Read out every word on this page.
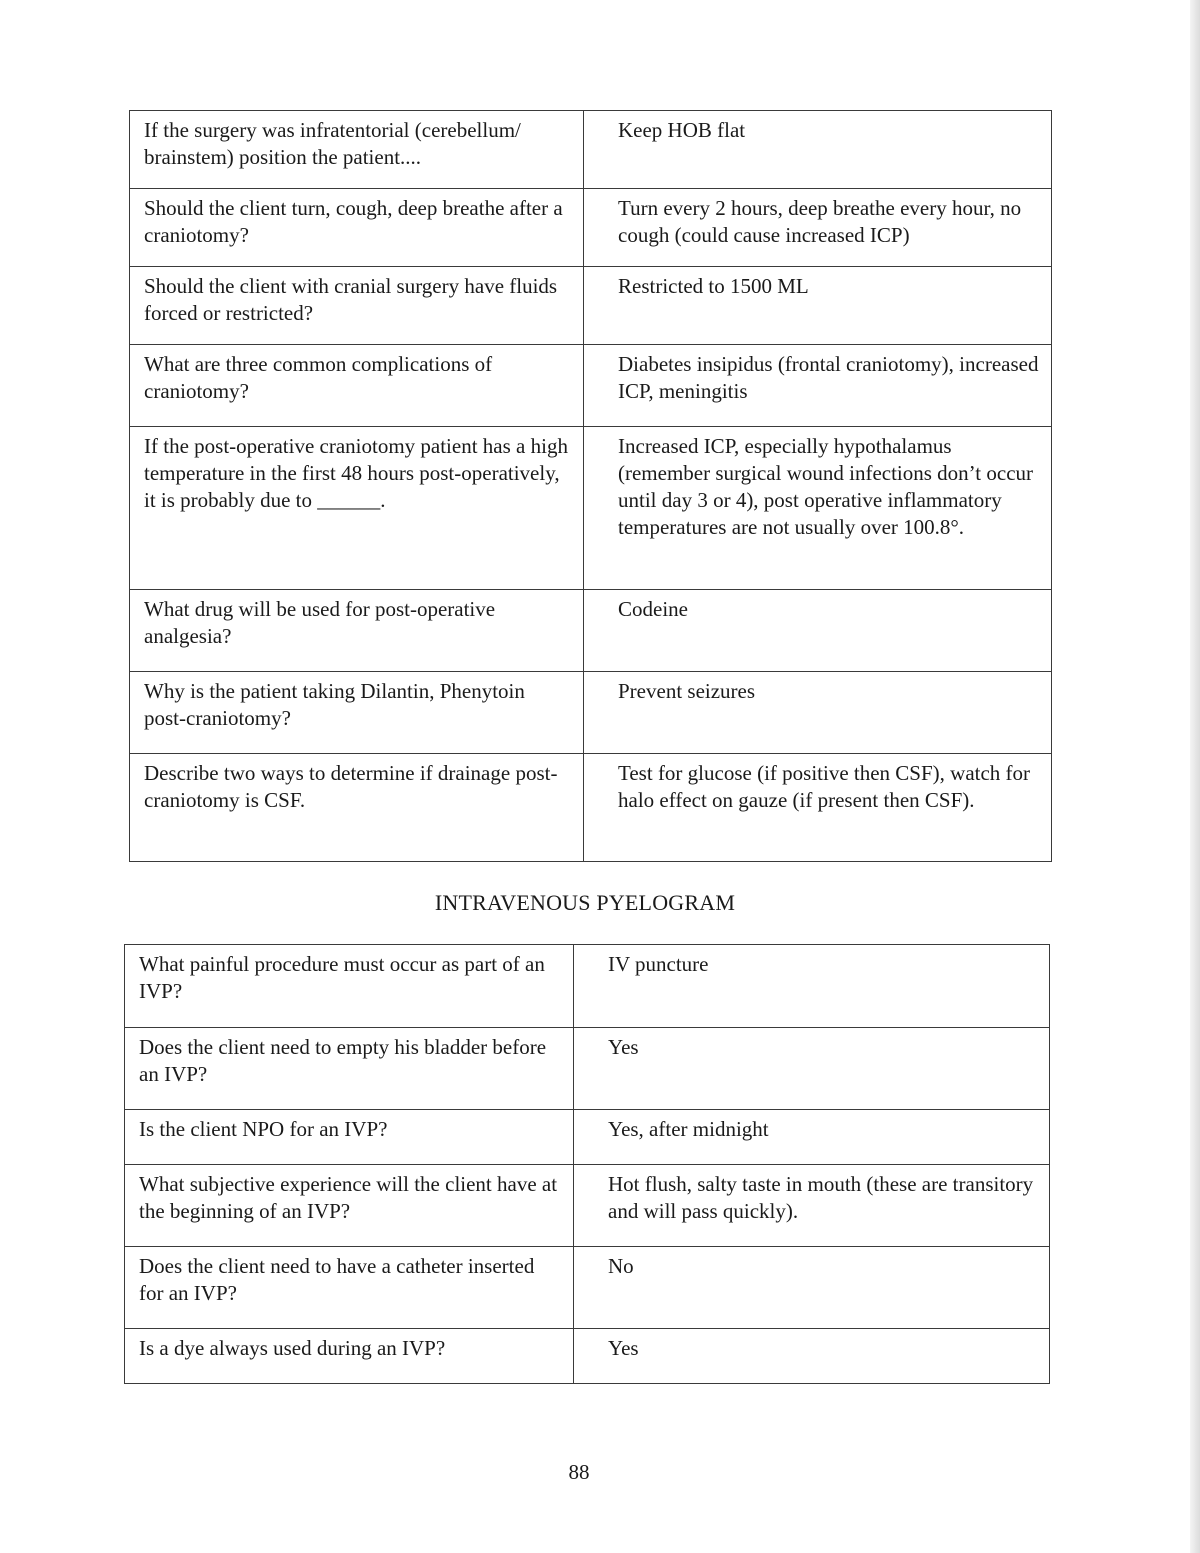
If the surgery was infratentorial (cerebellum/ brainstem) position the patient....	Keep HOB flat
Should the client turn, cough, deep breathe after a craniotomy?	Turn every 2 hours, deep breathe every hour, no cough (could cause increased ICP)
Should the client with cranial surgery have fluids forced or restricted?	Restricted to 1500 ML
What are three common complications of craniotomy?	Diabetes insipidus (frontal craniotomy), increased ICP, meningitis
If the post-operative craniotomy patient has a high temperature in the first 48 hours post-operatively, it is probably due to ______.	Increased ICP, especially hypothalamus (remember surgical wound infections don’t occur until day 3 or 4), post operative inflammatory temperatures are not usually over 100.8°.
What drug will be used for post-operative analgesia?	Codeine
Why is the patient taking Dilantin, Phenytoin post-craniotomy?	Prevent seizures
Describe two ways to determine if drainage post-craniotomy is CSF.	Test for glucose (if positive then CSF), watch for halo effect on gauze (if present then CSF).
INTRAVENOUS PYELOGRAM
What painful procedure must occur as part of an IVP?	IV puncture
Does the client need to empty his bladder before an IVP?	Yes
Is the client NPO for an IVP?	Yes, after midnight
What subjective experience will the client have at the beginning of an IVP?	Hot flush, salty taste in mouth (these are transitory and will pass quickly).
Does the client need to have a catheter inserted for an IVP?	No
Is a dye always used during an IVP?	Yes
88
